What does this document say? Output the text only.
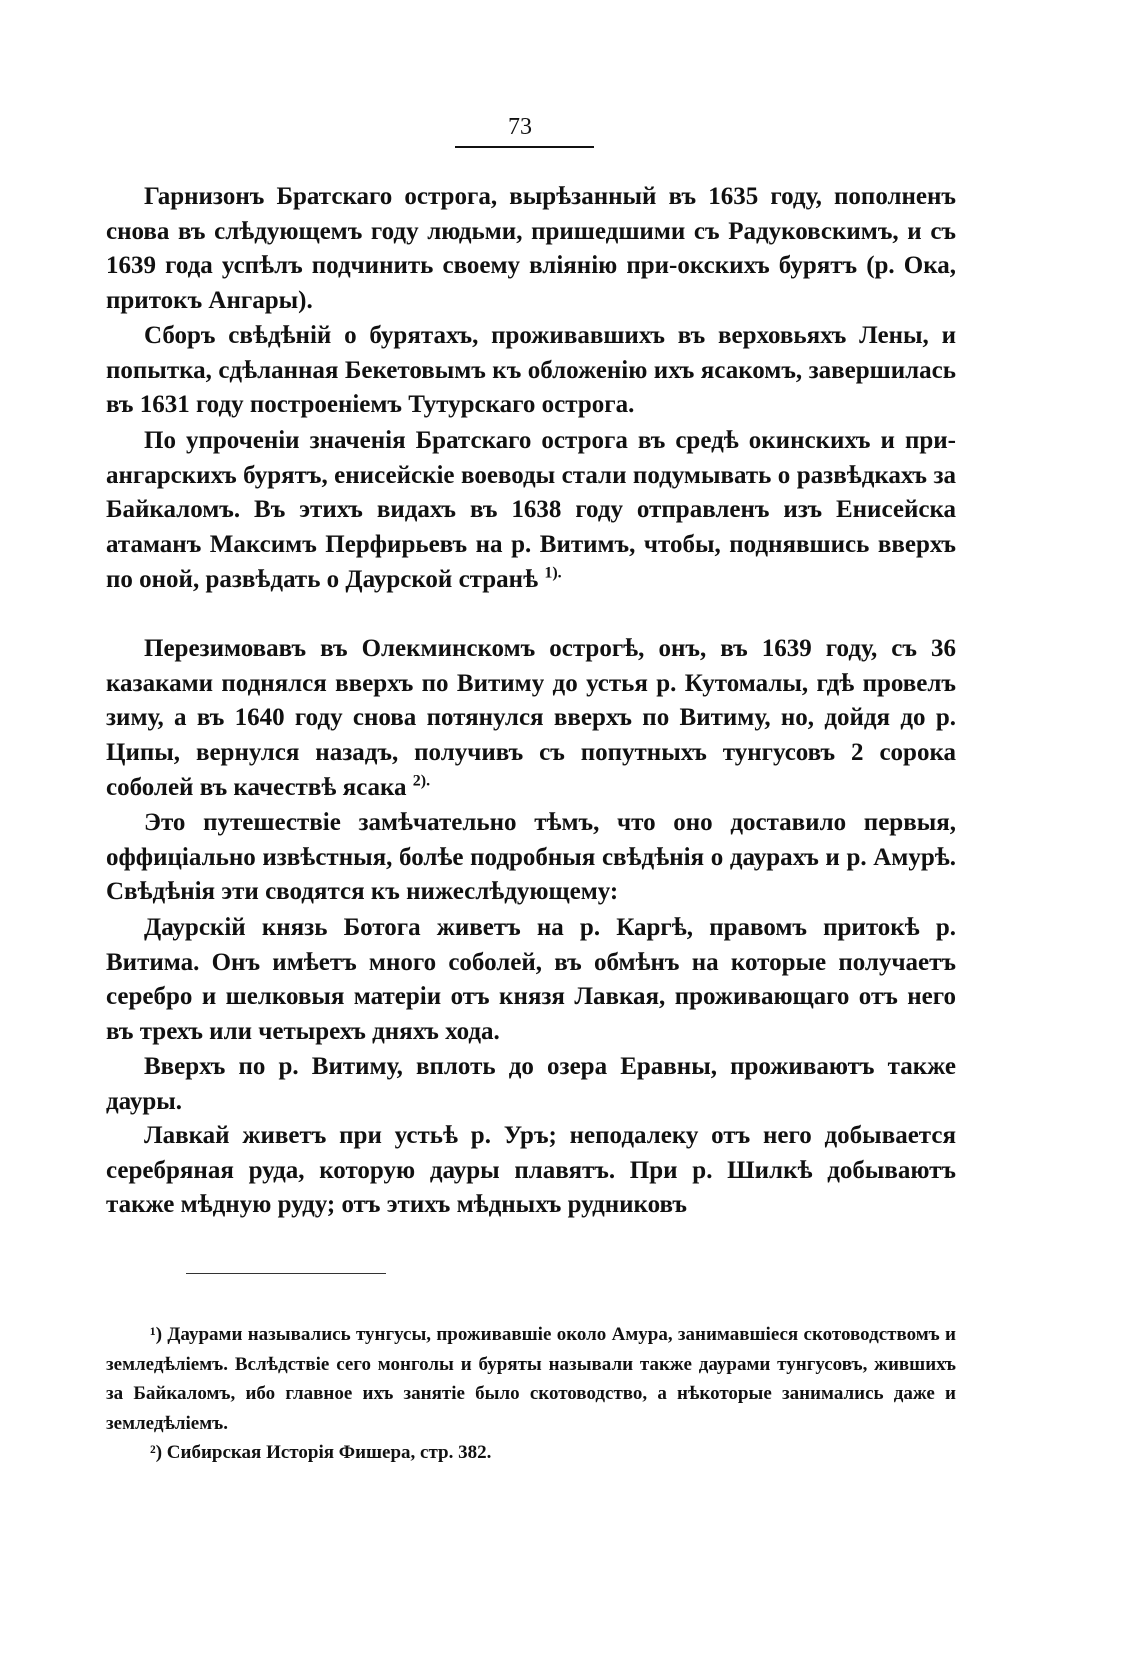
73

Гарнизонъ Братскаго острога, вырѣзанный въ 1635 году, пополненъ снова въ слѣдующемъ году людьми, пришедшими съ Радуковскимъ, и съ 1639 года успѣлъ подчинить своему вліянію при-окскихъ бурятъ (р. Ока, притокъ Ангары).

Сборъ свѣдѣній о бурятахъ, проживавшихъ въ верховьяхъ Лены, и попытка, сдѣланная Бекетовымъ къ обложенію ихъ ясакомъ, завершилась въ 1631 году построеніемъ Тутурскаго острога.

По упроченіи значенія Братскаго острога въ средѣ окинскихъ и при-ангарскихъ бурятъ, енисейскіе воеводы стали подумывать о развѣдкахъ за Байкаломъ. Въ этихъ видахъ въ 1638 году отправленъ изъ Енисейска атаманъ Максимъ Перфирьевъ на р. Витимъ, чтобы, поднявшись вверхъ по оной, развѣдать о Даурской странѣ $^{1).}$

Перезимовавъ въ Олекминскомъ острогѣ, онъ, въ 1639 году, съ 36 казаками поднялся вверхъ по Витиму до устья р. Кутомалы, гдѣ провелъ зиму, а въ 1640 году снова потянулся вверхъ по Витиму, но, дойдя до р. Ципы, вернулся назадъ, получивъ съ попутныхъ тунгусовъ 2 сорока соболей въ качествѣ ясака $^{2).}$

Это путешествіе замѣчательно тѣмъ, что оно доставило первыя, оффиціально извѣстныя, болѣе подробныя свѣдѣнія о даурахъ и р. Амурѣ. Свѣдѣнія эти сводятся къ нижеслѣдующему:

Даурскій князь Ботога живетъ на р. Каргѣ, правомъ притокѣ р. Витима. Онъ имѣетъ много соболей, въ обмѣнъ на которые получаетъ серебро и шелковыя матеріи отъ князя Лавкая, проживающаго отъ него въ трехъ или четырехъ дняхъ хода.

Вверхъ по р. Витиму, вплоть до озера Еравны, проживаютъ также дауры.

Лавкай живетъ при устьѣ р. Уръ; неподалеку отъ него добывается серебряная руда, которую дауры плавятъ. При р. Шилкѣ добываютъ также мѣдную руду; отъ этихъ мѣдныхъ рудниковъ

¹) Даурами назывались тунгусы, проживавшіе около Амура, занимавшіеся скотоводствомъ и земледѣліемъ. Вслѣдствіе сего монголы и буряты называли также даурами тунгусовъ, жившихъ за Байкаломъ, ибо главное ихъ занятіе было скотоводство, а нѣкоторые занимались даже и земледѣліемъ.

²) Сибирская Исторія Фишера, стр. 382.
